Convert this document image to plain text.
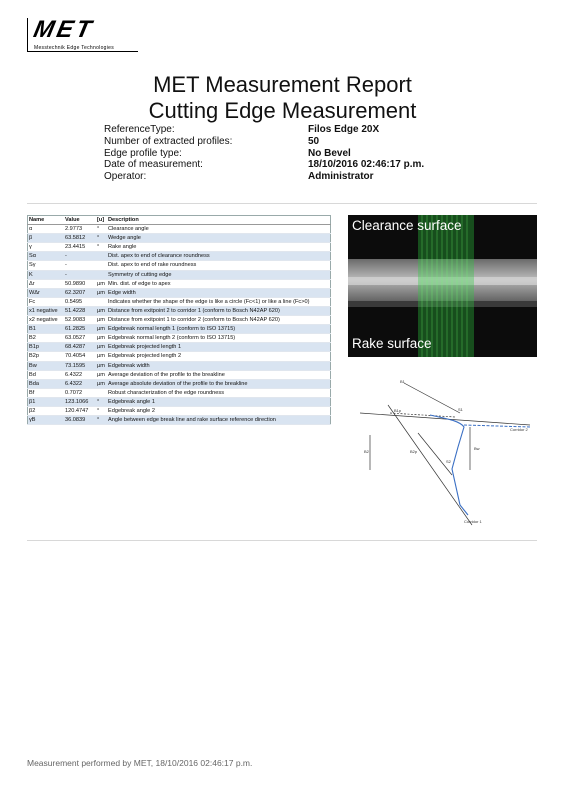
MET
Messtechnik Edge Technologies
MET Measurement Report
Cutting Edge Measurement
ReferenceType:	Filos Edge 20X
Number of extracted profiles:	50
Edge profile type:	No Bevel
Date of measurement:	18/10/2016 02:46:17 p.m.
Operator:	Administrator
Name	Value	[u]	Description
α	2.9773	°	Clearance angle
β	63.5812	°	Wedge angle
γ	23.4415	°	Rake angle
Sα	-		Dist. apex to end of clearance roundness
Sγ	-		Dist. apex to end of rake roundness
K	-		Symmetry of cutting edge
Δr	50.9890	µm	Min. dist. of edge to apex
WΔr	62.3207	µm	Edge width
Fc	0.5495		Indicates whether the shape of the edge is like a circle (Fc<1) or like a line (Fc>0)
x1 negative	51.4228	µm	Distance from exitpoint 2 to corridor 1 (conform to Bosch N42AP 620)
x2 negative	52.9083	µm	Distance from exitpoint 1 to corridor 2 (conform to Bosch N42AP 620)
B1	61.2825	µm	Edgebreak normal length 1 (conform to ISO 13715)
B2	63.0527	µm	Edgebreak normal length 2 (conform to ISO 13715)
B1p	68.4287	µm	Edgebreak projected length 1
B2p	70.4054	µm	Edgebreak projected length 2
Bw	73.1595	µm	Edgebreak width
Bd	6.4322	µm	Average deviation of the profile to the breakline
Bda	6.4322	µm	Average absolute deviation of the profile to the breakline
Bf	0.7072		Robust characterization of the edge roundness
β1	123.1066	°	Edgebreak angle 1
β2	120.4747	°	Edgebreak angle 2
γB	36.0839	°	Angle between edge break line and rake surface reference direction
Clearance surface
Rake surface
B1
B1p
B2p
Bw
B2
S1
S2
Corridor 1
Corridor 2
Measurement performed by MET, 18/10/2016 02:46:17 p.m.
